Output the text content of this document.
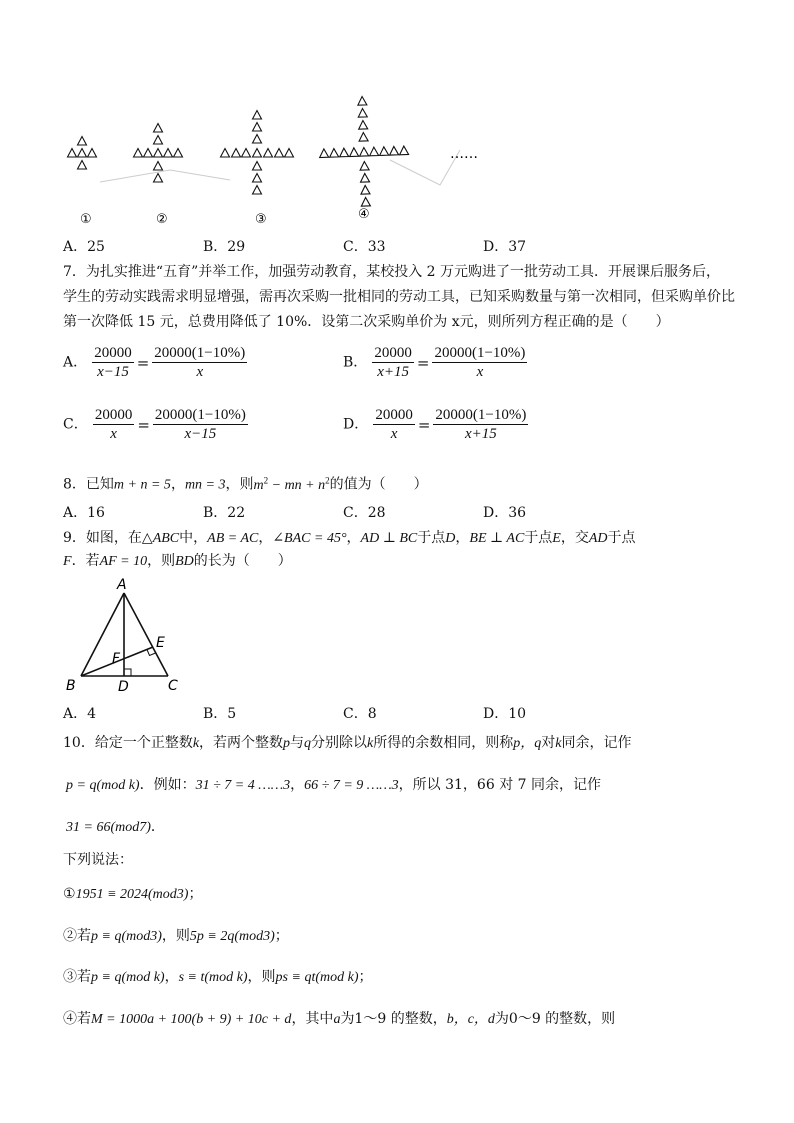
……
①	②	③	④
A．25	B．29	C．33	D．37
7．为扎实推进“五育”并举工作，加强劳动教育，某校投入 2 万元购进了一批劳动工具．开展课后服务后，
学生的劳动实践需求明显增强，需再次采购一批相同的劳动工具，已知采购数量与第一次相同，但采购单价比
第一次降低 15 元，总费用降低了 10%．设第二次采购单价为 x元，则所列方程正确的是（　　）
A． $\frac{20000}{x-15} = \frac{20000(1-10\%)}{x}$	B． $\frac{20000}{x+15} = \frac{20000(1-10\%)}{x}$
C． $\frac{20000}{x} = \frac{20000(1-10\%)}{x-15}$	D． $\frac{20000}{x} = \frac{20000(1-10\%)}{x+15}$
8．已知m + n = 5，mn = 3，则$m^2$ − mn + $n^2$的值为（　　）
A．16	B．22	C．28	D．36
9．如图，在△ABC中，AB = AC，∠BAC = 45°，AD ⊥ BC于点D，BE ⊥ AC于点E，交AD于点
F．若AF = 10，则BD的长为（　　）
A
B	C
D
E
F
A．4	B．5	C．8	D．10
10．给定一个正整数k，若两个整数p与q分别除以k所得的余数相同，则称p，q对k同余，记作
p = q(mod k)．例如：31 ÷ 7 = 4 ……3，66 ÷ 7 = 9 ……3，所以 31，66 对 7 同余，记作
31 = 66(mod7)．
下列说法：
①1951 ≡ 2024(mod3)；
②若p ≡ q(mod3)，则5p ≡ 2q(mod3)；
③若p ≡ q(mod k)，s ≡ t(mod k)，则ps ≡ qt(mod k)；
④若M = 1000a + 100(b + 9) + 10c + d，其中a为1～9 的整数，b，c，d为0～9 的整数，则
